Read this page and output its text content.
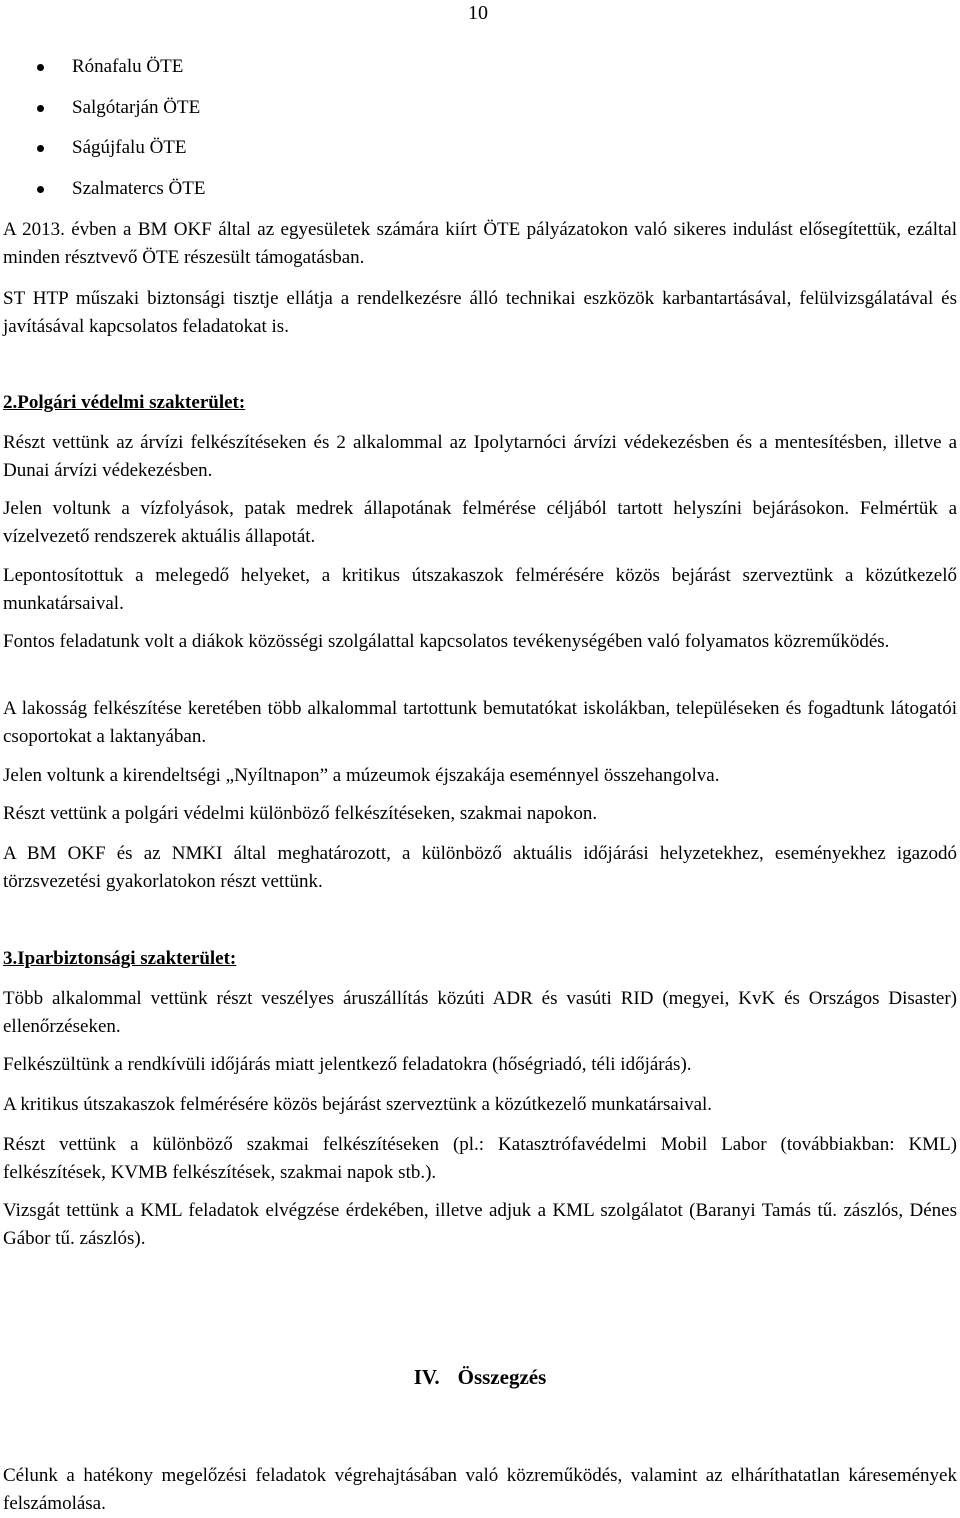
10
Rónafalu ÖTE
Salgótarján ÖTE
Ságújfalu ÖTE
Szalmatercs ÖTE

A 2013. évben a BM OKF által az egyesületek számára kiírt ÖTE pályázatokon való sikeres indulást elősegítettük, ezáltal minden résztvevő ÖTE részesült támogatásban.

ST HTP műszaki biztonsági tisztje ellátja a rendelkezésre álló technikai eszközök karbantartásával, felülvizsgálatával és javításával kapcsolatos feladatokat is.

2.Polgári védelmi szakterület:

Részt vettünk az árvízi felkészítéseken és 2 alkalommal az Ipolytarnóci árvízi védekezésben és a mentesítésben, illetve a Dunai árvízi védekezésben.

Jelen voltunk a vízfolyások, patak medrek állapotának felmérése céljából tartott helyszíni bejárásokon. Felmértük a vízelvezető rendszerek aktuális állapotát.

Lepontosítottuk a melegedő helyeket, a kritikus útszakaszok felmérésére közös bejárást szerveztünk a közútkezelő munkatársaival.

Fontos feladatunk volt a diákok közösségi szolgálattal kapcsolatos tevékenységében való folyamatos közreműködés.

A lakosság felkészítése keretében több alkalommal tartottunk bemutatókat iskolákban, településeken és fogadtunk látogatói csoportokat a laktanyában.

Jelen voltunk a kirendeltségi „Nyíltnapon” a múzeumok éjszakája eseménnyel összehangolva.

Részt vettünk a polgári védelmi különböző felkészítéseken, szakmai napokon.

A BM OKF és az NMKI által meghatározott, a különböző aktuális időjárási helyzetekhez, eseményekhez igazodó törzsvezetési gyakorlatokon részt vettünk.

3.Iparbiztonsági szakterület:

Több alkalommal vettünk részt veszélyes áruszállítás közúti ADR és vasúti RID (megyei, KvK és Országos Disaster) ellenőrzéseken.

Felkészültünk a rendkívüli időjárás miatt jelentkező feladatokra (hőségriadó, téli időjárás).

A kritikus útszakaszok felmérésére közös bejárást szerveztünk a közútkezelő munkatársaival.

Részt vettünk a különböző szakmai felkészítéseken (pl.: Katasztrófavédelmi Mobil Labor (továbbiakban: KML) felkészítések, KVMB felkészítések, szakmai napok stb.).

Vizsgát tettünk a KML feladatok elvégzése érdekében, illetve adjuk a KML szolgálatot (Baranyi Tamás tű. zászlós, Dénes Gábor tű. zászlós).

IV. Összegzés

Célunk a hatékony megelőzési feladatok végrehajtásában való közreműködés, valamint az elháríthatatlan káresemények felszámolása.
